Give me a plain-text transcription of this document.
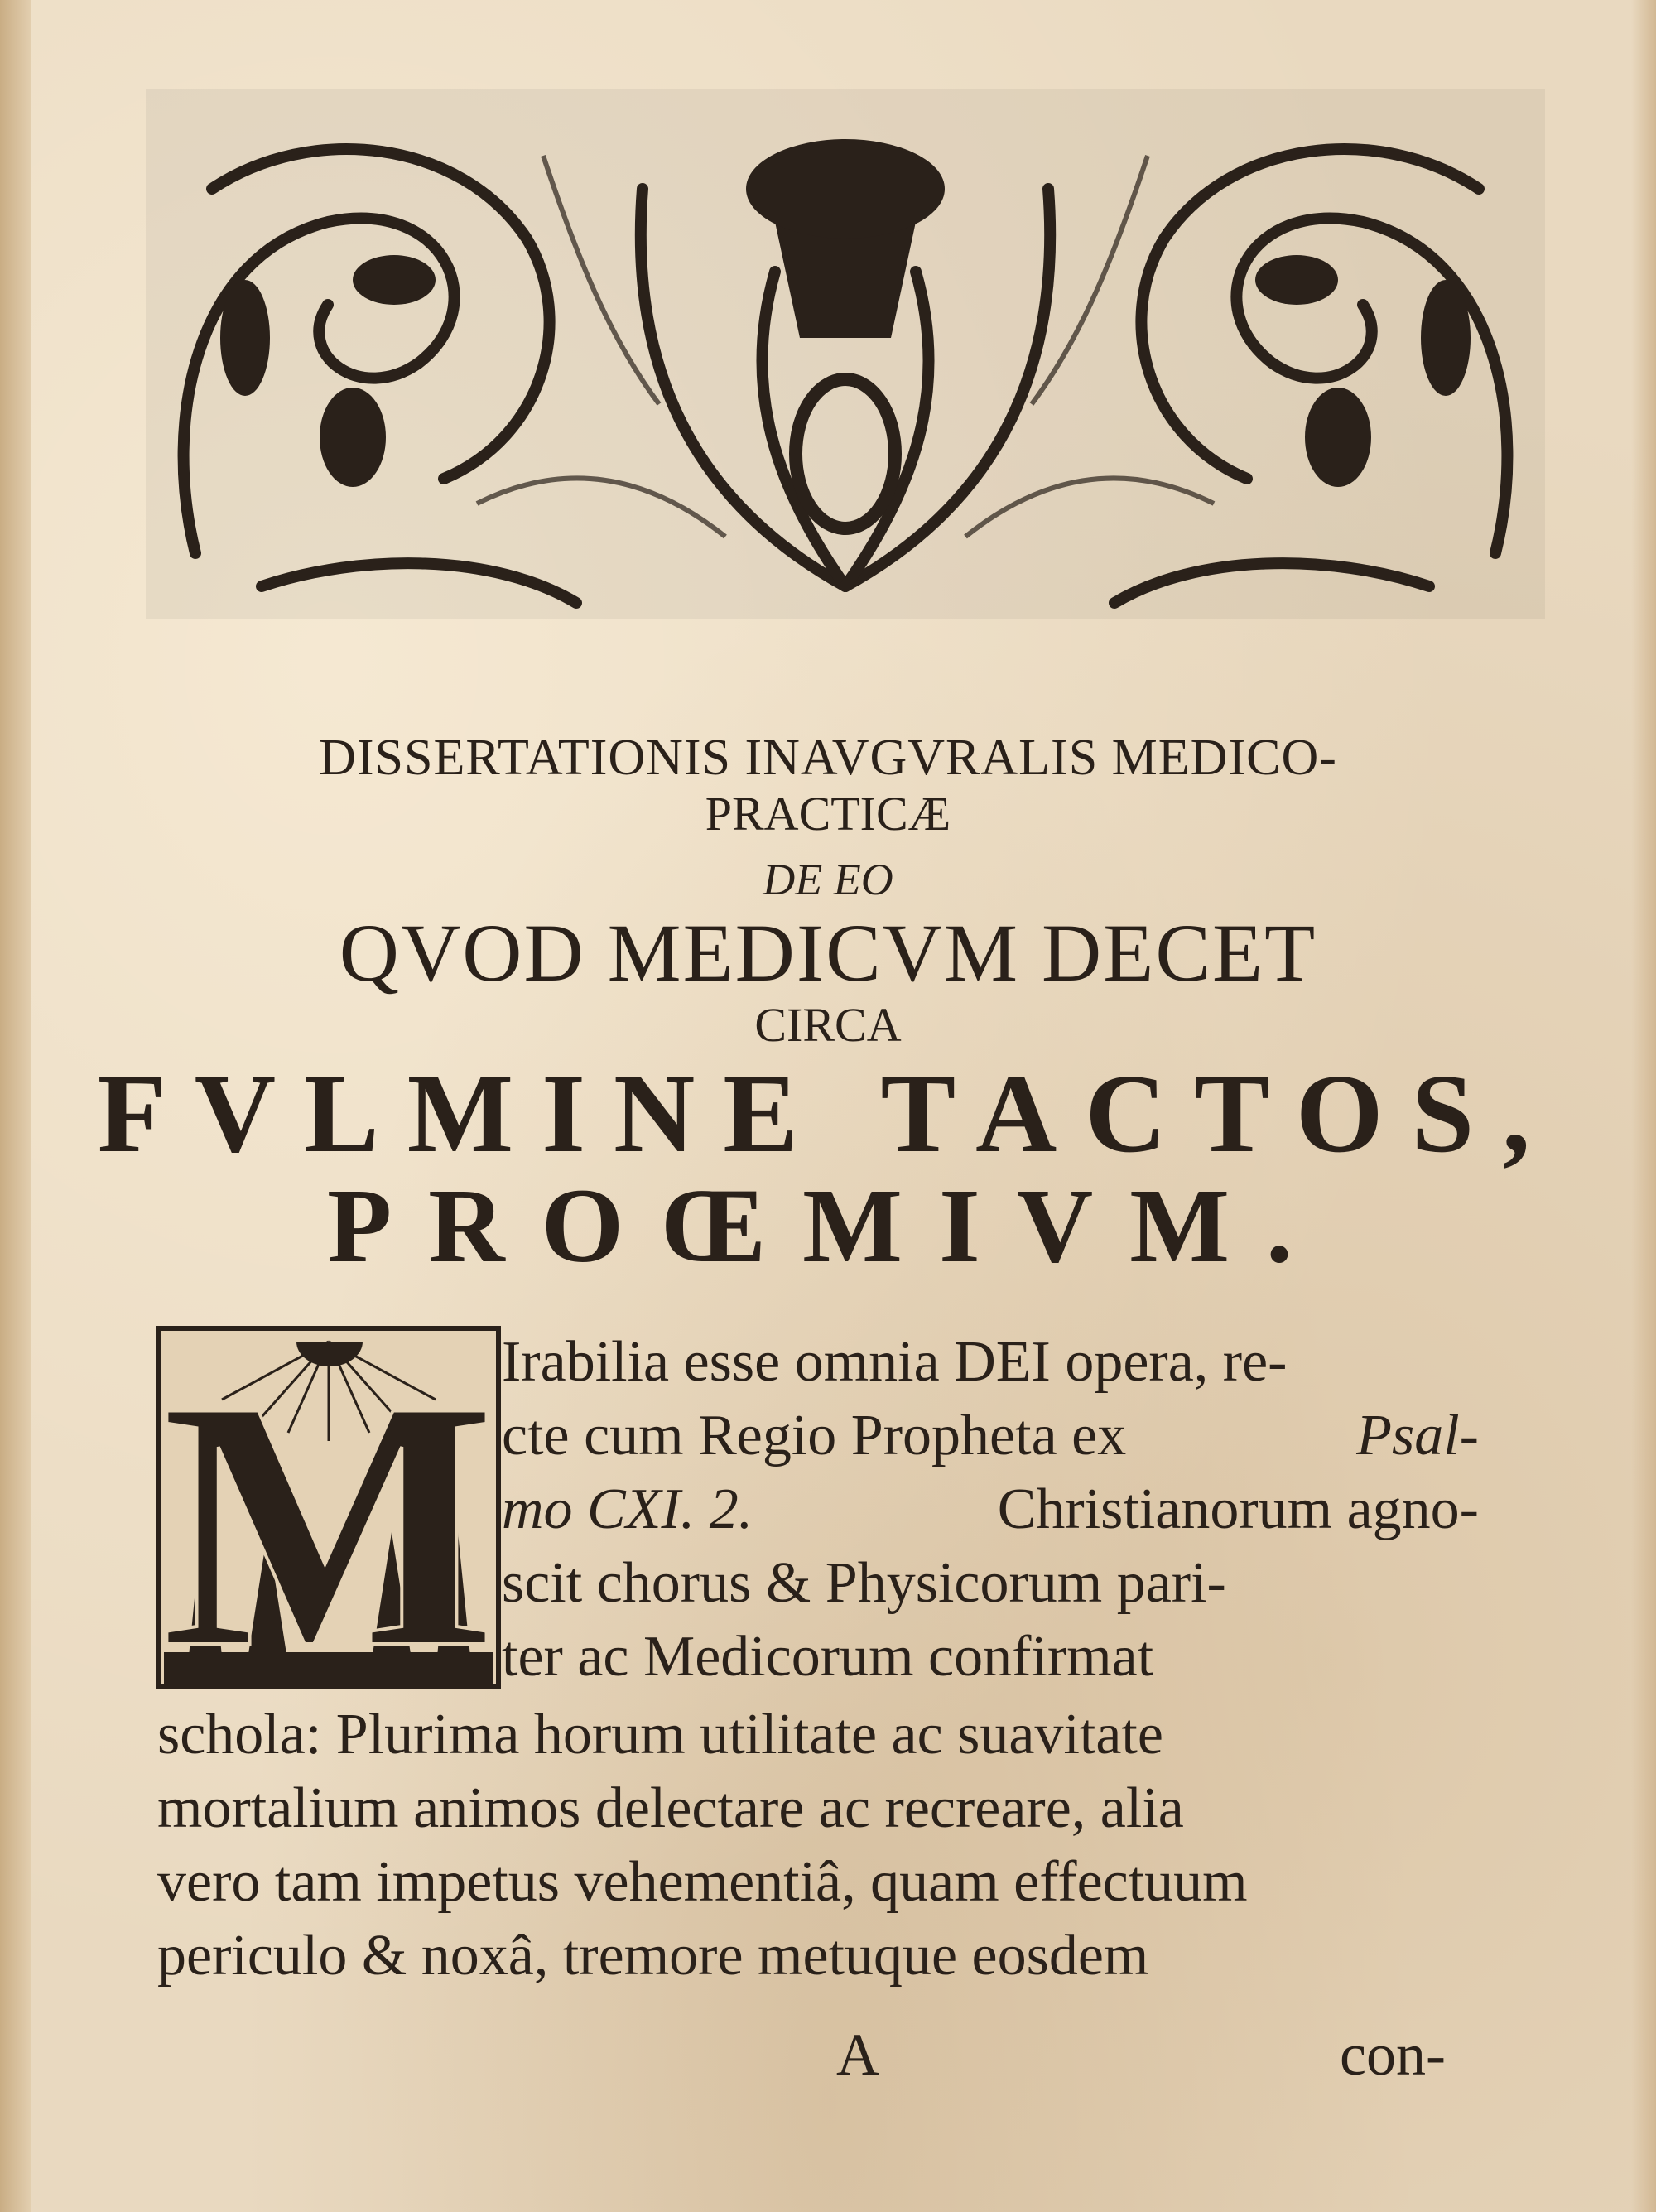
DISSERTATIONIS INAVGVRALIS MEDICO-
PRACTICÆ
DE EO
QVOD MEDICVM DECET
CIRCA
FVLMINE TACTOS,
PROŒMIVM.
M Irabilia esse omnia DEI opera, re-
cte cum Regio Propheta ex	Psal-
mo CXI. 2.	Christianorum agno-
scit chorus & Physicorum pari-
ter ac Medicorum confirmat
schola: Plurima horum utilitate ac suavitate
mortalium animos delectare ac recreare, alia
vero tam impetus vehementiâ, quam effectuum
periculo & noxâ, tremore metuque eosdem
A	con-
